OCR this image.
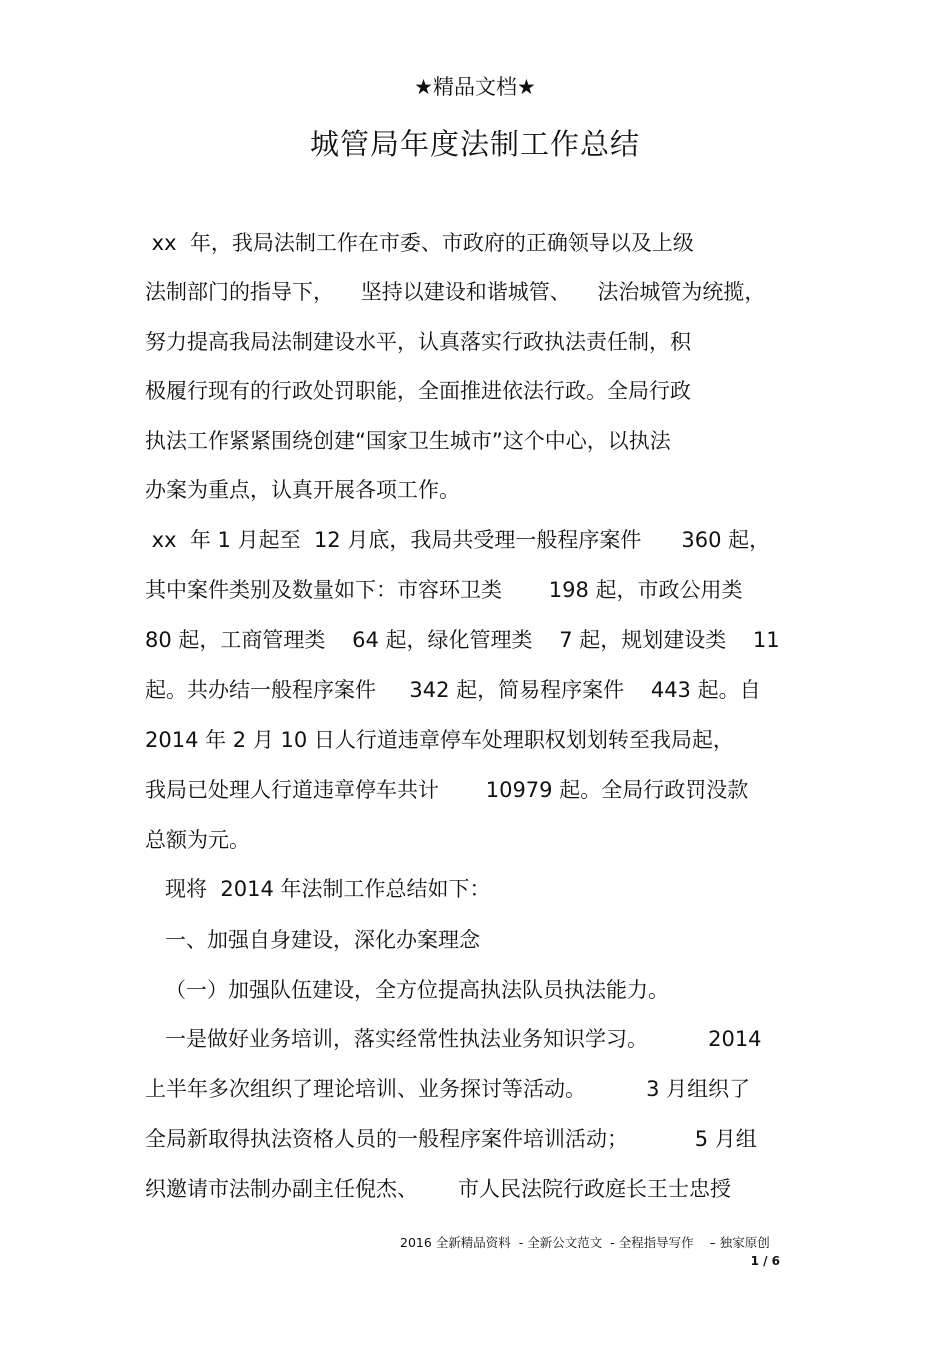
★精品文档★
城管局年度法制工作总结
xx  年，我局法制工作在市委、市政府的正确领导以及上级
法制部门的指导下，    坚持以建设和谐城管、    法治城管为统揽，
努力提高我局法制建设水平，认真落实行政执法责任制，积
极履行现有的行政处罚职能，全面推进依法行政。全局行政
执法工作紧紧围绕创建“国家卫生城市”这个中心，以执法
办案为重点，认真开展各项工作。
xx  年 1 月起至  12 月底，我局共受理一般程序案件      360 起，
其中案件类别及数量如下：市容环卫类       198 起，市政公用类
80 起，工商管理类    64 起，绿化管理类    7 起，规划建设类    11
起。共办结一般程序案件     342 起，简易程序案件    443 起。自
2014 年 2 月 10 日人行道违章停车处理职权划划转至我局起，
我局已处理人行道违章停车共计       10979 起。全局行政罚没款
总额为元。
现将  2014 年法制工作总结如下：
一、加强自身建设，深化办案理念
（一）加强队伍建设，全方位提高执法队员执法能力。
一是做好业务培训，落实经常性执法业务知识学习。         2014
上半年多次组织了理论培训、业务探讨等活动。         3 月组织了
全局新取得执法资格人员的一般程序案件培训活动；          5 月组
织邀请市法制办副主任倪杰、      市人民法院行政庭长王士忠授
2016 全新精品资料  - 全新公文范文  - 全程指导写作    – 独家原创
1 / 6
